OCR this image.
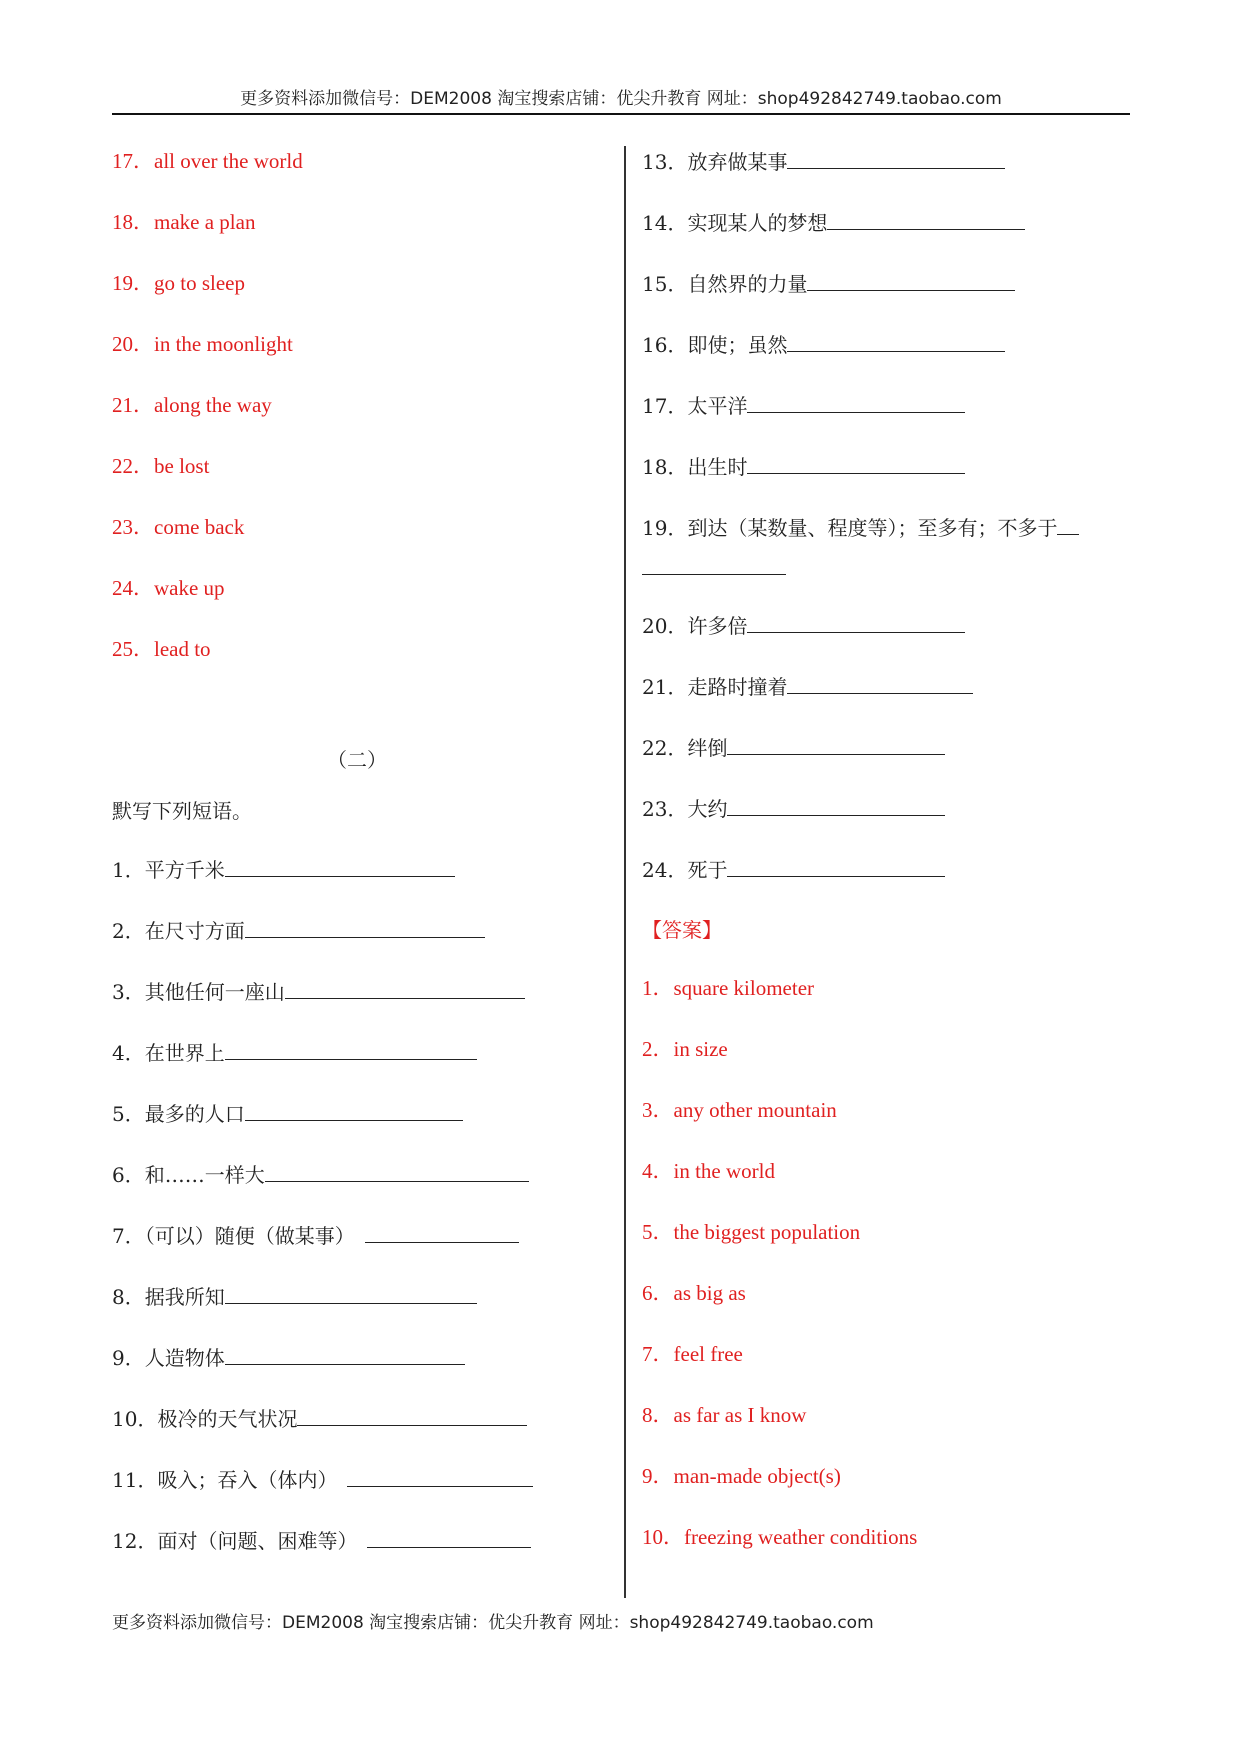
更多资料添加微信号：DEM2008 淘宝搜索店铺：优尖升教育 网址：shop492842749.taobao.com
17．all over the world
18．make a plan
19．go to sleep
20．in the moonlight
21．along the way
22．be lost
23．come back
24．wake up
25．lead to
（二）
默写下列短语。
1．平方千米
2．在尺寸方面
3．其他任何一座山
4．在世界上
5．最多的人口
6．和……一样大
7．（可以）随便（做某事）
8．据我所知
9．人造物体
10．极冷的天气状况
11．吸入；吞入（体内）
12．面对（问题、困难等）
13．放弃做某事
14．实现某人的梦想
15．自然界的力量
16．即使；虽然
17．太平洋
18．出生时
19．到达（某数量、程度等）；至多有；不多于
20．许多倍
21．走路时撞着
22．绊倒
23．大约
24．死于
【答案】
1．square kilometer
2．in size
3．any other mountain
4．in the world
5．the biggest population
6．as big as
7．feel free
8．as far as I know
9．man-made object(s)
10．freezing weather conditions
更多资料添加微信号：DEM2008 淘宝搜索店铺：优尖升教育 网址：shop492842749.taobao.com
